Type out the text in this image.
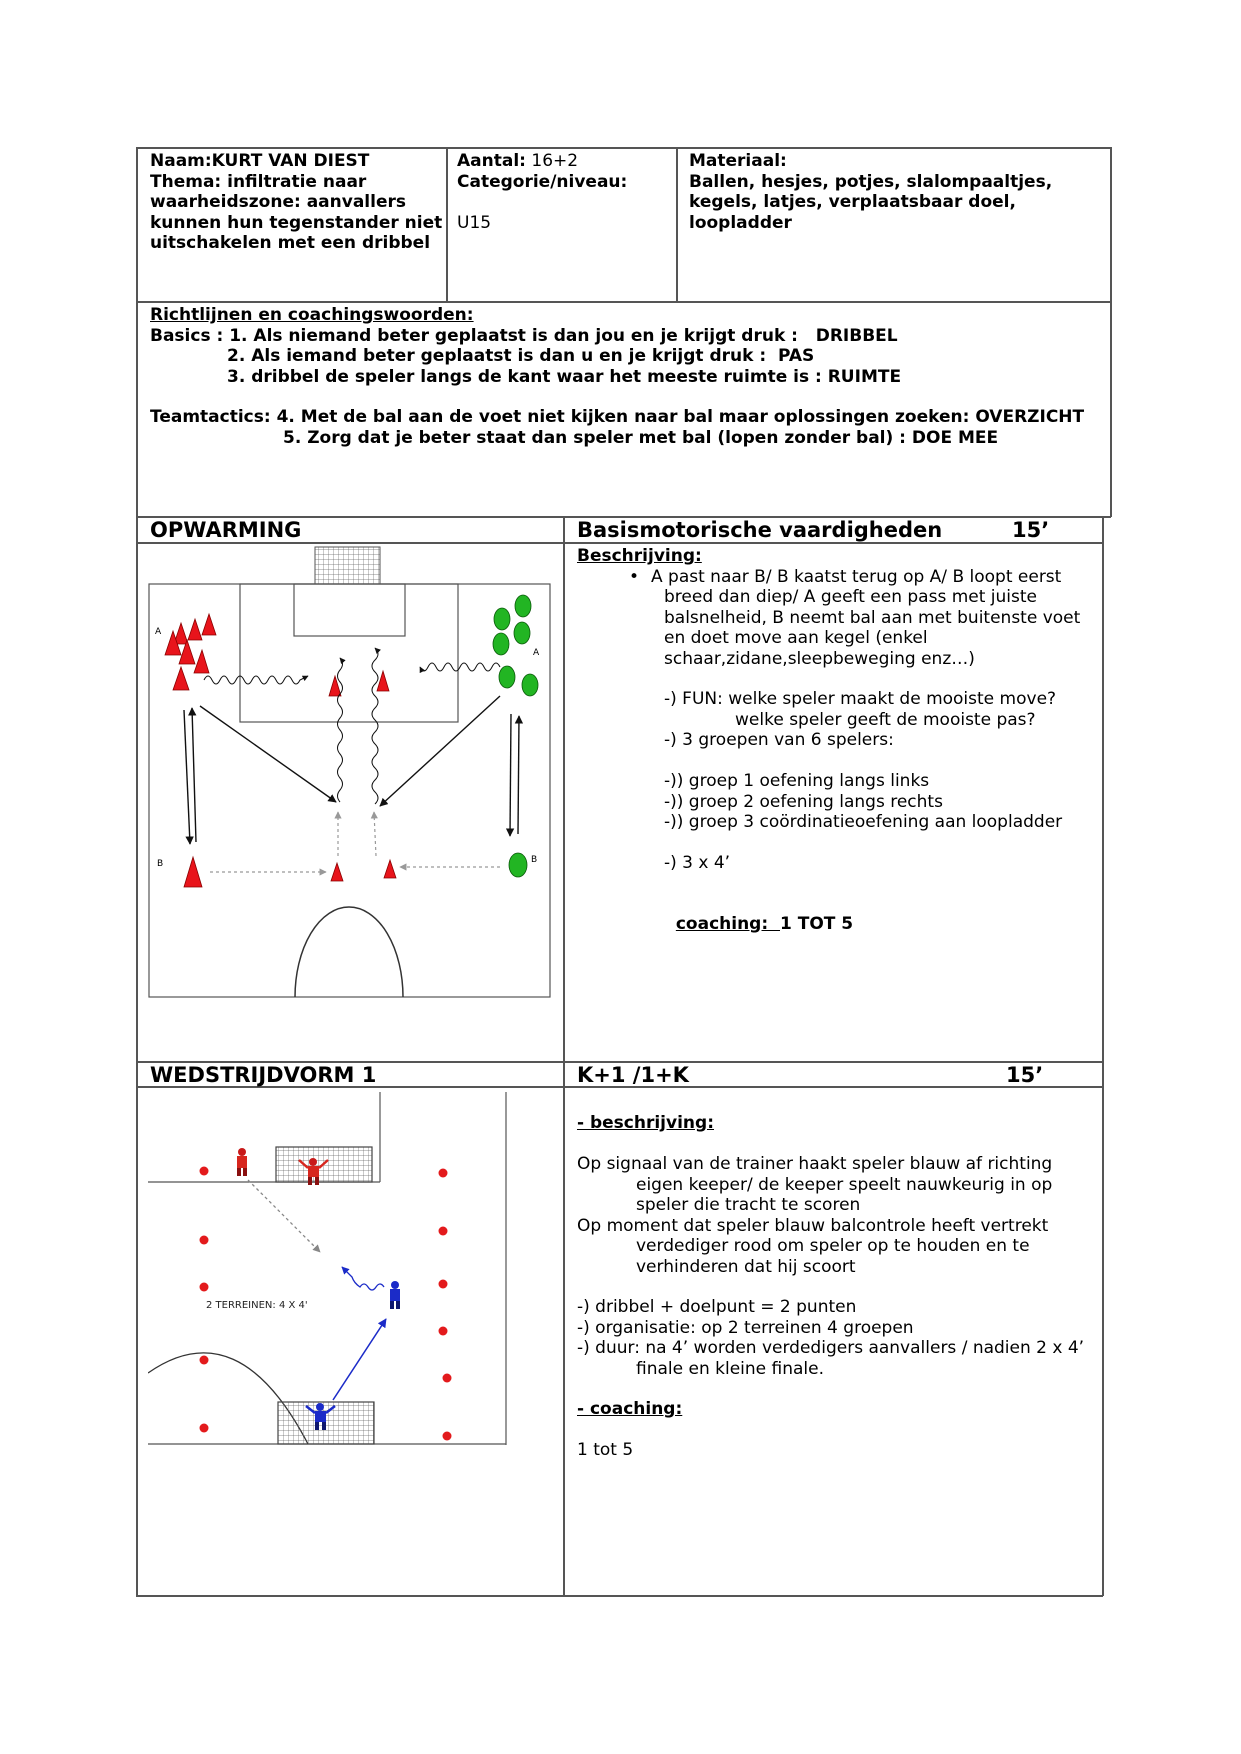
Naam:KURT VAN DIEST
Thema: infiltratie naar
waarheidszone: aanvallers
kunnen hun tegenstander niet
uitschakelen met een dribbel
Aantal: 16+2
Categorie/niveau:
U15
Materiaal:
Ballen, hesjes, potjes, slalompaaltjes,
kegels, latjes, verplaatsbaar doel,
loopladder
Richtlijnen en coachingswoorden:
Basics : 1. Als niemand beter geplaatst is dan jou en je krijgt druk :   DRIBBEL
2. Als iemand beter geplaatst is dan u en je krijgt druk :  PAS
3. dribbel de speler langs de kant waar het meeste ruimte is : RUIMTE
Teamtactics: 4. Met de bal aan de voet niet kijken naar bal maar oplossingen zoeken: OVERZICHT
5. Zorg dat je beter staat dan speler met bal (lopen zonder bal) : DOE MEE
OPWARMING	Basismotorische vaardigheden	15’
Beschrijving:
• A past naar B/ B kaatst terug op A/ B loopt eerst
breed dan diep/ A geeft een pass met juiste
balsnelheid, B neemt bal aan met buitenste voet
en doet move aan kegel (enkel
schaar,zidane,sleepbeweging enz…)
-) FUN: welke speler maakt de mooiste move?
welke speler geeft de mooiste pas?
-) 3 groepen van 6 spelers:
-)) groep 1 oefening langs links
-)) groep 2 oefening langs rechts
-)) groep 3 coördinatieoefening aan loopladder
-) 3 x 4’

coaching:  1 TOT 5

A
B
A
B
WEDSTRIJDVORM 1	K+1 /1+K	15’
- beschrijving:
Op signaal van de trainer haakt speler blauw af richting
eigen keeper/ de keeper speelt nauwkeurig in op
speler die tracht te scoren
Op moment dat speler blauw balcontrole heeft vertrekt
verdediger rood om speler op te houden en te
verhinderen dat hij scoort
-) dribbel + doelpunt = 2 punten
-) organisatie: op 2 terreinen 4 groepen
-) duur: na 4’ worden verdedigers aanvallers / nadien 2 x 4’
finale en kleine finale.
- coaching:
1 tot 5
2 TERREINEN: 4 X 4'
